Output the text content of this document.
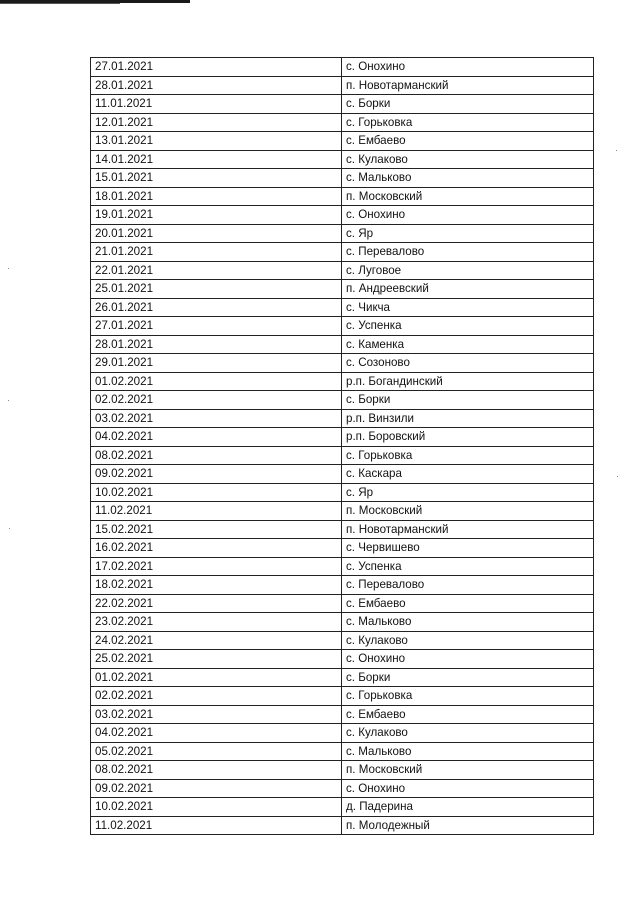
27.01.2021	с. Онохино
28.01.2021	п. Новотарманский
11.01.2021	с. Борки
12.01.2021	с. Горьковка
13.01.2021	с. Ембаево
14.01.2021	с. Кулаково
15.01.2021	с. Мальково
18.01.2021	п. Московский
19.01.2021	с. Онохино
20.01.2021	с. Яр
21.01.2021	с. Перевалово
22.01.2021	с. Луговое
25.01.2021	п. Андреевский
26.01.2021	с. Чикча
27.01.2021	с. Успенка
28.01.2021	с. Каменка
29.01.2021	с. Созоново
01.02.2021	р.п. Богандинский
02.02.2021	с. Борки
03.02.2021	р.п. Винзили
04.02.2021	р.п. Боровский
08.02.2021	с. Горьковка
09.02.2021	с. Каскара
10.02.2021	с. Яр
11.02.2021	п. Московский
15.02.2021	п. Новотарманский
16.02.2021	с. Червишево
17.02.2021	с. Успенка
18.02.2021	с. Перевалово
22.02.2021	с. Ембаево
23.02.2021	с. Мальково
24.02.2021	с. Кулаково
25.02.2021	с. Онохино
01.02.2021	с. Борки
02.02.2021	с. Горьковка
03.02.2021	с. Ембаево
04.02.2021	с. Кулаково
05.02.2021	с. Мальково
08.02.2021	п. Московский
09.02.2021	с. Онохино
10.02.2021	д. Падерина
11.02.2021	п. Молодежный
